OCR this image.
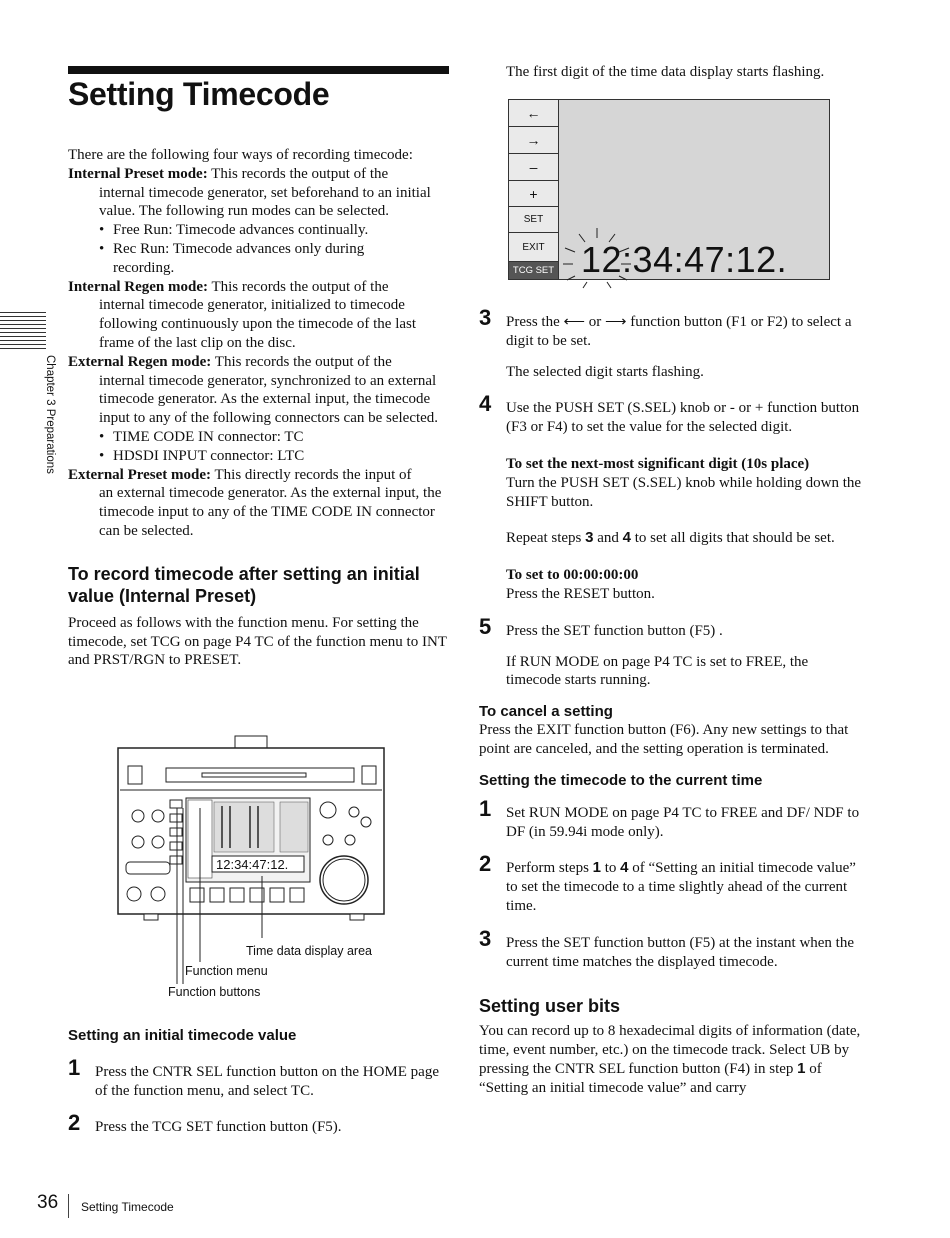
Setting Timecode
Chapter 3 Preparations

There are the following four ways of recording timecode:

Internal Preset mode: This records the output of the

internal timecode generator, set beforehand to an initial value. The following run modes can be selected.

• Free Run: Timecode advances continually.

• Rec Run: Timecode advances only during

recording.

Internal Regen mode: This records the output of the

internal timecode generator, initialized to timecode following continuously upon the timecode of the last frame of the last clip on the disc.

External Regen mode: This records the output of the

internal timecode generator, synchronized to an external timecode generator. As the external input, the timecode input to any of the following connectors can be selected.

• TIME CODE IN connector: TC

• HDSDI INPUT connector: LTC

External Preset mode: This directly records the input of

an external timecode generator. As the external input, the timecode input to any of the TIME CODE IN connector can be selected.

To record timecode after setting an initial value (Internal Preset)

Proceed as follows with the function menu. For setting the timecode, set TCG on page P4 TC of the function menu to INT and PRST/RGN to PRESET.

12:34:47:12.
Time data display area
Function menu
Function buttons
Setting an initial timecode value
1 Press the CNTR SEL function button on the HOME page of the function menu, and select TC.

2 Press the TCG SET function button (F5).

The first digit of the time data display starts flashing.

←
→
–
+
SET
EXIT
TCG SET 12:34:47:12.
3 Press the ⟵ or ⟶ function button (F1 or F2) to select a digit to be set.

The selected digit starts flashing.

4 Use the PUSH SET (S.SEL) knob or - or + function button (F3 or F4) to set the value for the selected digit.

To set the next-most significant digit (10s place)

Turn the PUSH SET (S.SEL) knob while holding down the SHIFT button.

Repeat steps 3 and 4 to set all digits that should be set.

To set to 00:00:00:00

Press the RESET button.

5 Press the SET function button (F5) .

If RUN MODE on page P4 TC is set to FREE, the timecode starts running.

To cancel a setting

Press the EXIT function button (F6). Any new settings to that point are canceled, and the setting operation is terminated.

Setting the timecode to the current time
1 Set RUN MODE on page P4 TC to FREE and DF/ NDF to DF (in 59.94i mode only).

2 Perform steps 1 to 4 of “Setting an initial timecode value” to set the timecode to a time slightly ahead of the current time.

3 Press the SET function button (F5) at the instant when the current time matches the displayed timecode.

Setting user bits

You can record up to 8 hexadecimal digits of information (date, time, event number, etc.) on the timecode track. Select UB by pressing the CNTR SEL function button (F4) in step 1 of “Setting an initial timecode value” and carry

36 Setting Timecode
